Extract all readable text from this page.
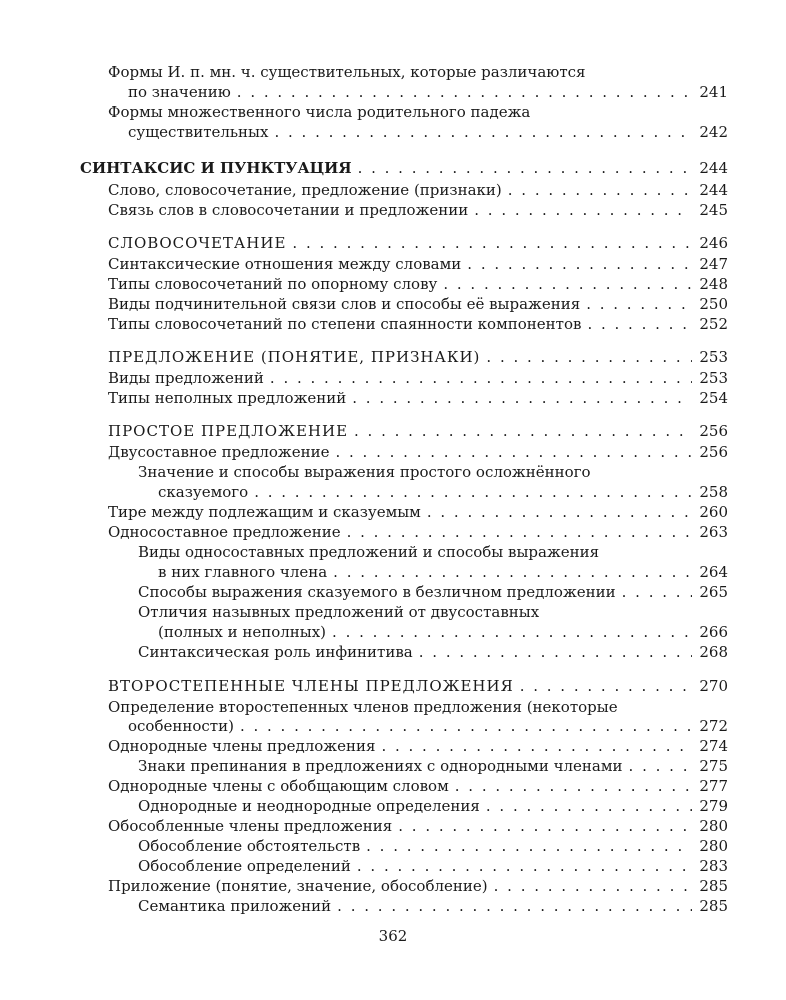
Формы И. п. мн. ч. существительных, которые различаются
по значению . . .	241
Формы множественного числа родительного падежа
существительных . . .	242
СИНТАКСИС И ПУНКТУАЦИЯ . . .	244
Слово, словосочетание, предложение (признаки) . . .	244
Связь слов в словосочетании и предложении . . .	245
СЛОВОСОЧЕТАНИЕ . . .	246
Синтаксические отношения между словами . . .	247
Типы словосочетаний по опорному слову . . .	248
Виды подчинительной связи слов и способы её выражения . . .	250
Типы словосочетаний по степени спаянности компонентов . . .	252
ПРЕДЛОЖЕНИЕ (ПОНЯТИЕ, ПРИЗНАКИ) . . .	253
Виды предложений . . .	253
Типы неполных предложений . . .	254
ПРОСТОЕ ПРЕДЛОЖЕНИЕ . . .	256
Двусоставное предложение . . .	256
Значение и способы выражения простого осложнённого
сказуемого . . .	258
Тире между подлежащим и сказуемым . . .	260
Односоставное предложение . . .	263
Виды односоставных предложений и способы выражения
в них главного члена . . .	264
Способы выражения сказуемого в безличном предложении . . .	265
Отличия назывных предложений от двусоставных
(полных и неполных) . . .	266
Синтаксическая роль инфинитива . . .	268
ВТОРОСТЕПЕННЫЕ ЧЛЕНЫ ПРЕДЛОЖЕНИЯ . . .	270
Определение второстепенных членов предложения (некоторые
особенности) . . .	272
Однородные члены предложения . . .	274
Знаки препинания в предложениях с однородными членами . . .	275
Однородные члены с обобщающим словом . . .	277
Однородные и неоднородные определения . . .	279
Обособленные члены предложения . . .	280
Обособление обстоятельств . . .	280
Обособление определений . . .	283
Приложение (понятие, значение, обособление) . . .	285
Семантика приложений . . .	285
362
